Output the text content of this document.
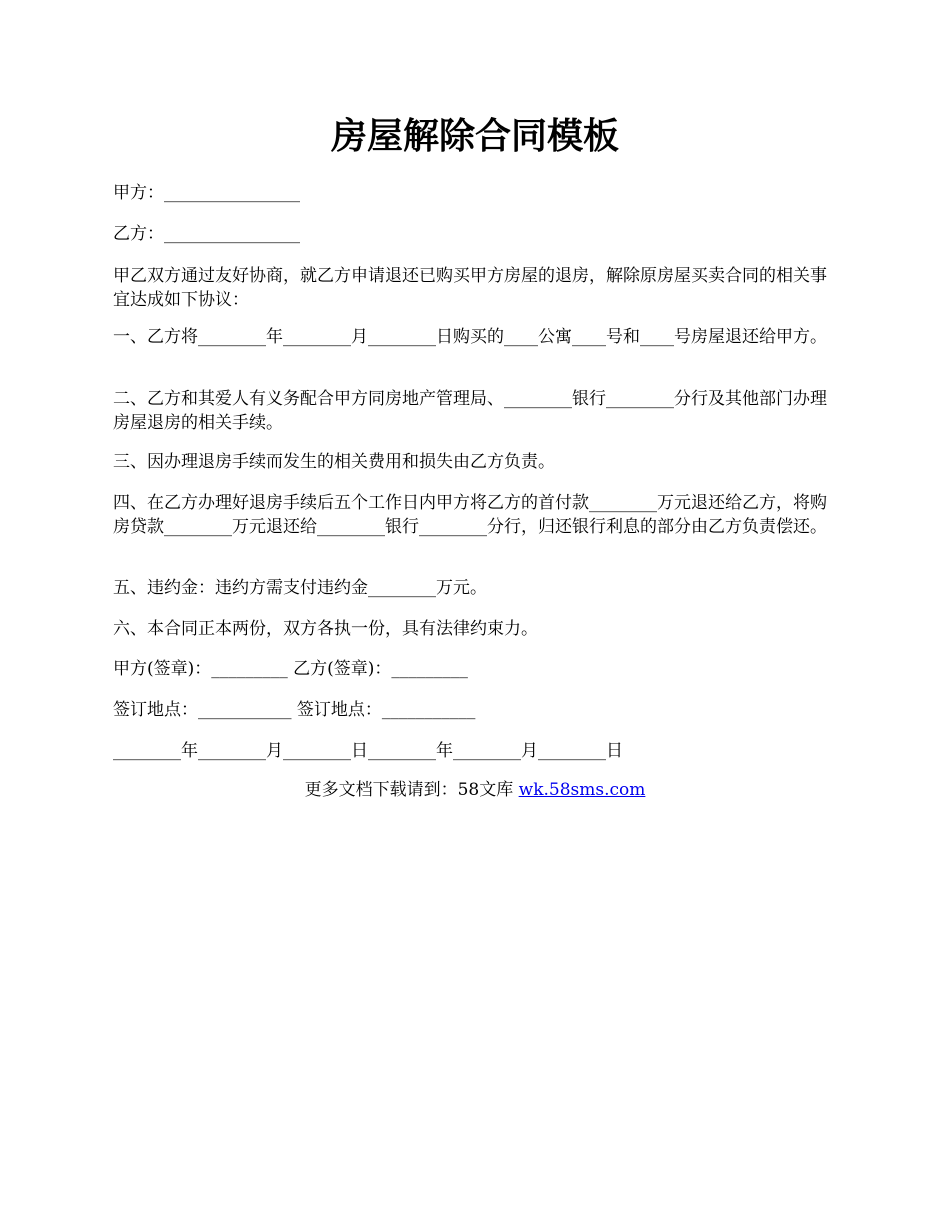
房屋解除合同模板

甲方：________________

乙方：________________

甲乙双方通过友好协商，就乙方申请退还已购买甲方房屋的退房，解除原房屋买卖合同的相关事宜达成如下协议：

一、乙方将________年________月________日购买的____公寓____号和____号房屋退还给甲方。

二、乙方和其爱人有义务配合甲方同房地产管理局、________银行________分行及其他部门办理房屋退房的相关手续。

三、因办理退房手续而发生的相关费用和损失由乙方负责。

四、在乙方办理好退房手续后五个工作日内甲方将乙方的首付款________万元退还给乙方，将购房贷款________万元退还给________银行________分行，归还银行利息的部分由乙方负责偿还。

五、违约金：违约方需支付违约金________万元。

六、本合同正本两份，双方各执一份，具有法律约束力。

甲方(签章)：_________ 乙方(签章)：_________

签订地点：___________ 签订地点：___________

________年________月________日________年________月________日

更多文档下载请到：58文库 wk.58sms.com
